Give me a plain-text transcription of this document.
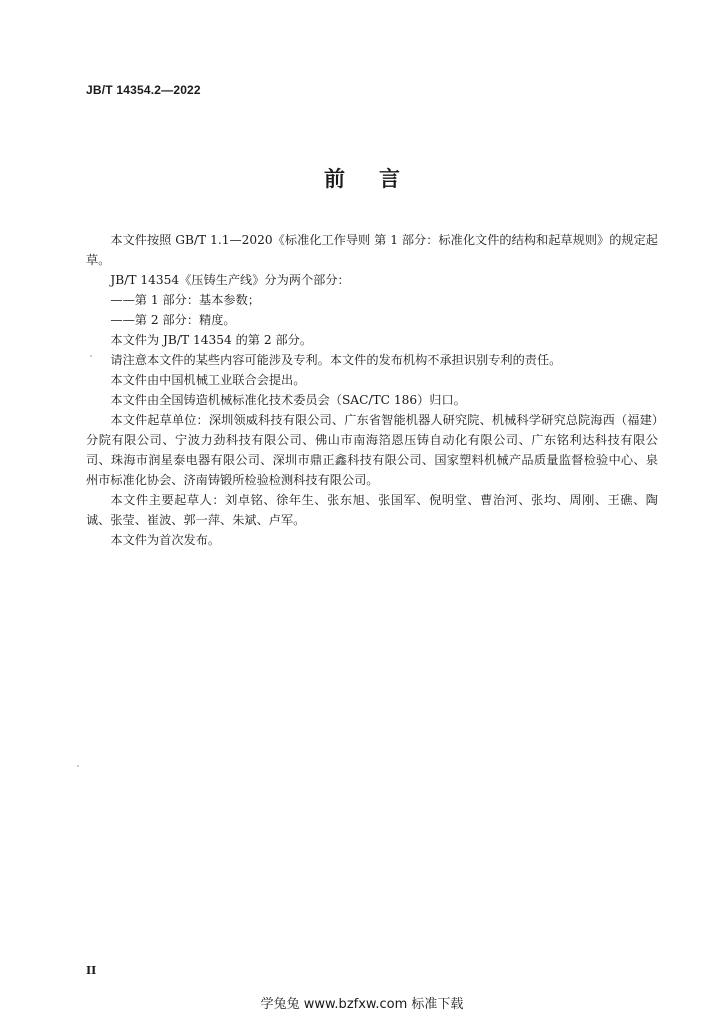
JB/T 14354.2—2022
前 言

本文件按照 GB/T 1.1—2020《标准化工作导则 第 1 部分：标准化文件的结构和起草规则》的规定起草。

JB/T 14354《压铸生产线》分为两个部分：

——第 1 部分：基本参数；

——第 2 部分：精度。

本文件为 JB/T 14354 的第 2 部分。

请注意本文件的某些内容可能涉及专利。本文件的发布机构不承担识别专利的责任。

本文件由中国机械工业联合会提出。

本文件由全国铸造机械标准化技术委员会（SAC/TC 186）归口。

本文件起草单位：深圳领威科技有限公司、广东省智能机器人研究院、机械科学研究总院海西（福建）分院有限公司、宁波力劲科技有限公司、佛山市南海箔恩压铸自动化有限公司、广东铭利达科技有限公司、珠海市润星泰电器有限公司、深圳市鼎正鑫科技有限公司、国家塑料机械产品质量监督检验中心、泉州市标准化协会、济南铸锻所检验检测科技有限公司。

本文件主要起草人：刘卓铭、徐年生、张东旭、张国军、倪明堂、曹治河、张均、周刚、王礁、陶诚、张莹、崔波、郭一萍、朱斌、卢军。

本文件为首次发布。

II
学兔兔 www.bzfxw.com 标准下载
